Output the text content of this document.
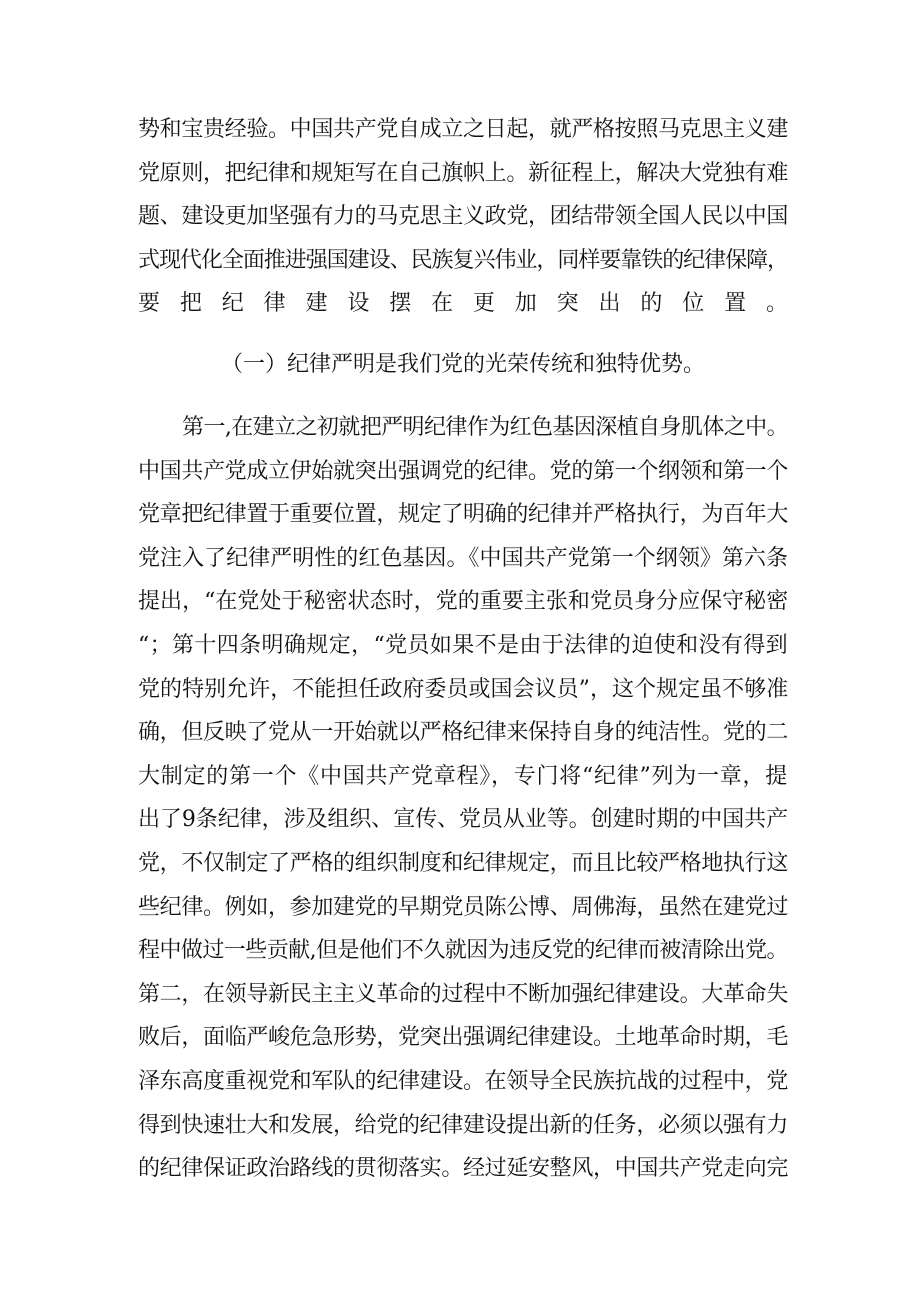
势和宝贵经验。中国共产党自成立之日起，就严格按照马克思主义建
党原则，把纪律和规矩写在自己旗帜上。新征程上，解决大党独有难
题、建设更加坚强有力的马克思主义政党，团结带领全国人民以中国
式现代化全面推进强国建设、民族复兴伟业，同样要靠铁的纪律保障，
要把纪律建设摆在更加突出的位置。

（一）纪律严明是我们党的光荣传统和独特优势。

第一,在建立之初就把严明纪律作为红色基因深植自身肌体之中。
中国共产党成立伊始就突出强调党的纪律。党的第一个纲领和第一个
党章把纪律置于重要位置，规定了明确的纪律并严格执行，为百年大
党注入了纪律严明性的红色基因。《中国共产党第一个纲领》第六条
提出，“在党处于秘密状态时，党的重要主张和党员身分应保守秘密
“；第十四条明确规定，“党员如果不是由于法律的迫使和没有得到
党的特别允许，不能担任政府委员或国会议员”，这个规定虽不够准
确，但反映了党从一开始就以严格纪律来保持自身的纯洁性。党的二
大制定的第一个《中国共产党章程》，专门将“纪律”列为一章，提
出了9条纪律，涉及组织、宣传、党员从业等。创建时期的中国共产
党，不仅制定了严格的组织制度和纪律规定，而且比较严格地执行这
些纪律。例如，参加建党的早期党员陈公博、周佛海，虽然在建党过
程中做过一些贡献,但是他们不久就因为违反党的纪律而被清除出党。
第二，在领导新民主主义革命的过程中不断加强纪律建设。大革命失
败后，面临严峻危急形势，党突出强调纪律建设。土地革命时期，毛
泽东高度重视党和军队的纪律建设。在领导全民族抗战的过程中，党
得到快速壮大和发展，给党的纪律建设提出新的任务，必须以强有力
的纪律保证政治路线的贯彻落实。经过延安整风，中国共产党走向完
